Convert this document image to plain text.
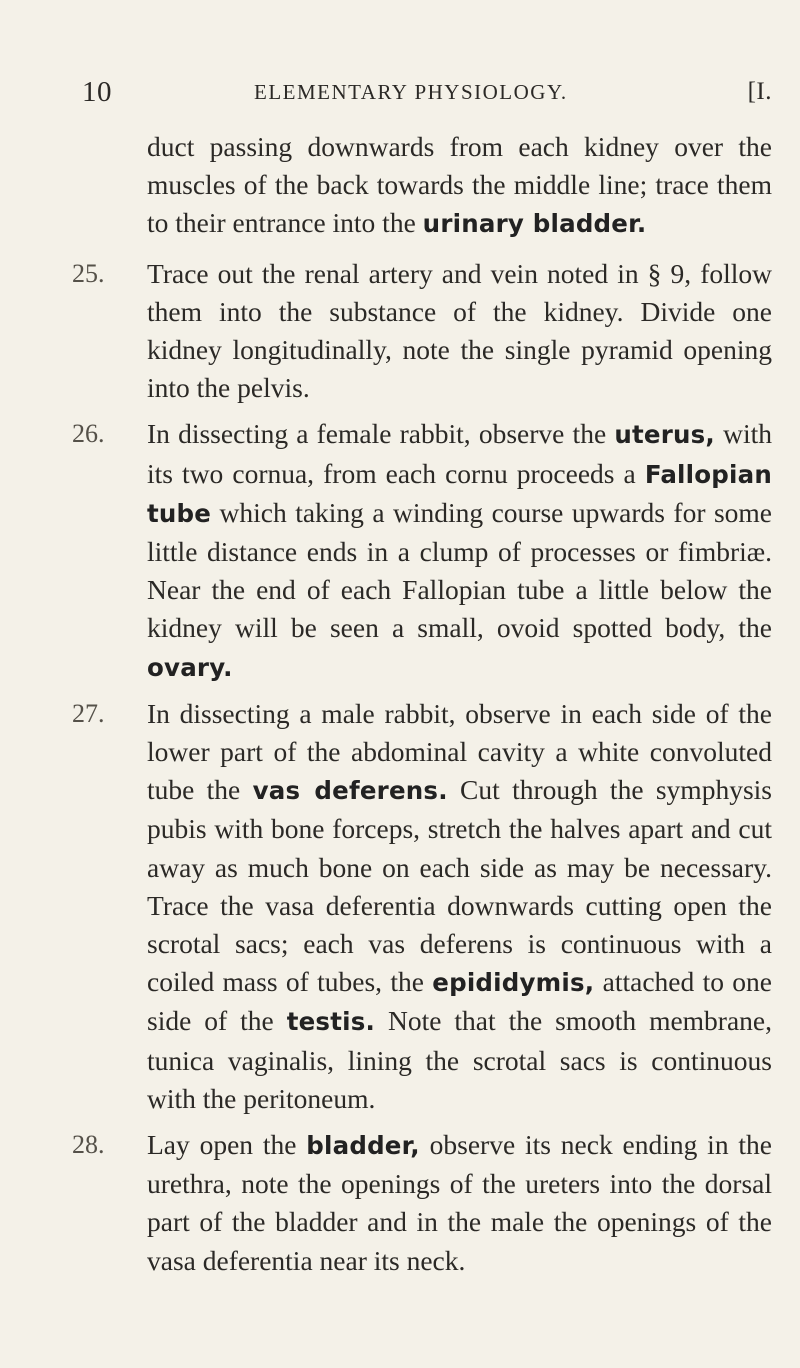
10	ELEMENTARY PHYSIOLOGY.	[I.
duct passing downwards from each kidney over the muscles of the back towards the middle line; trace them to their entrance into the urinary bladder.
25.	Trace out the renal artery and vein noted in § 9, follow them into the substance of the kidney. Divide one kidney longitudinally, note the single pyramid opening into the pelvis.
26.	In dissecting a female rabbit, observe the uterus, with its two cornua, from each cornu proceeds a Fallopian tube which taking a winding course upwards for some little distance ends in a clump of processes or fimbriæ. Near the end of each Fallopian tube a little below the kidney will be seen a small, ovoid spotted body, the ovary.
27.	In dissecting a male rabbit, observe in each side of the lower part of the abdominal cavity a white convoluted tube the vas deferens. Cut through the symphysis pubis with bone forceps, stretch the halves apart and cut away as much bone on each side as may be necessary. Trace the vasa deferentia downwards cutting open the scrotal sacs; each vas deferens is continuous with a coiled mass of tubes, the epididymis, attached to one side of the testis. Note that the smooth membrane, tunica vaginalis, lining the scrotal sacs is continuous with the peritoneum.
28.	Lay open the bladder, observe its neck ending in the urethra, note the openings of the ureters into the dorsal part of the bladder and in the male the openings of the vasa deferentia near its neck.
